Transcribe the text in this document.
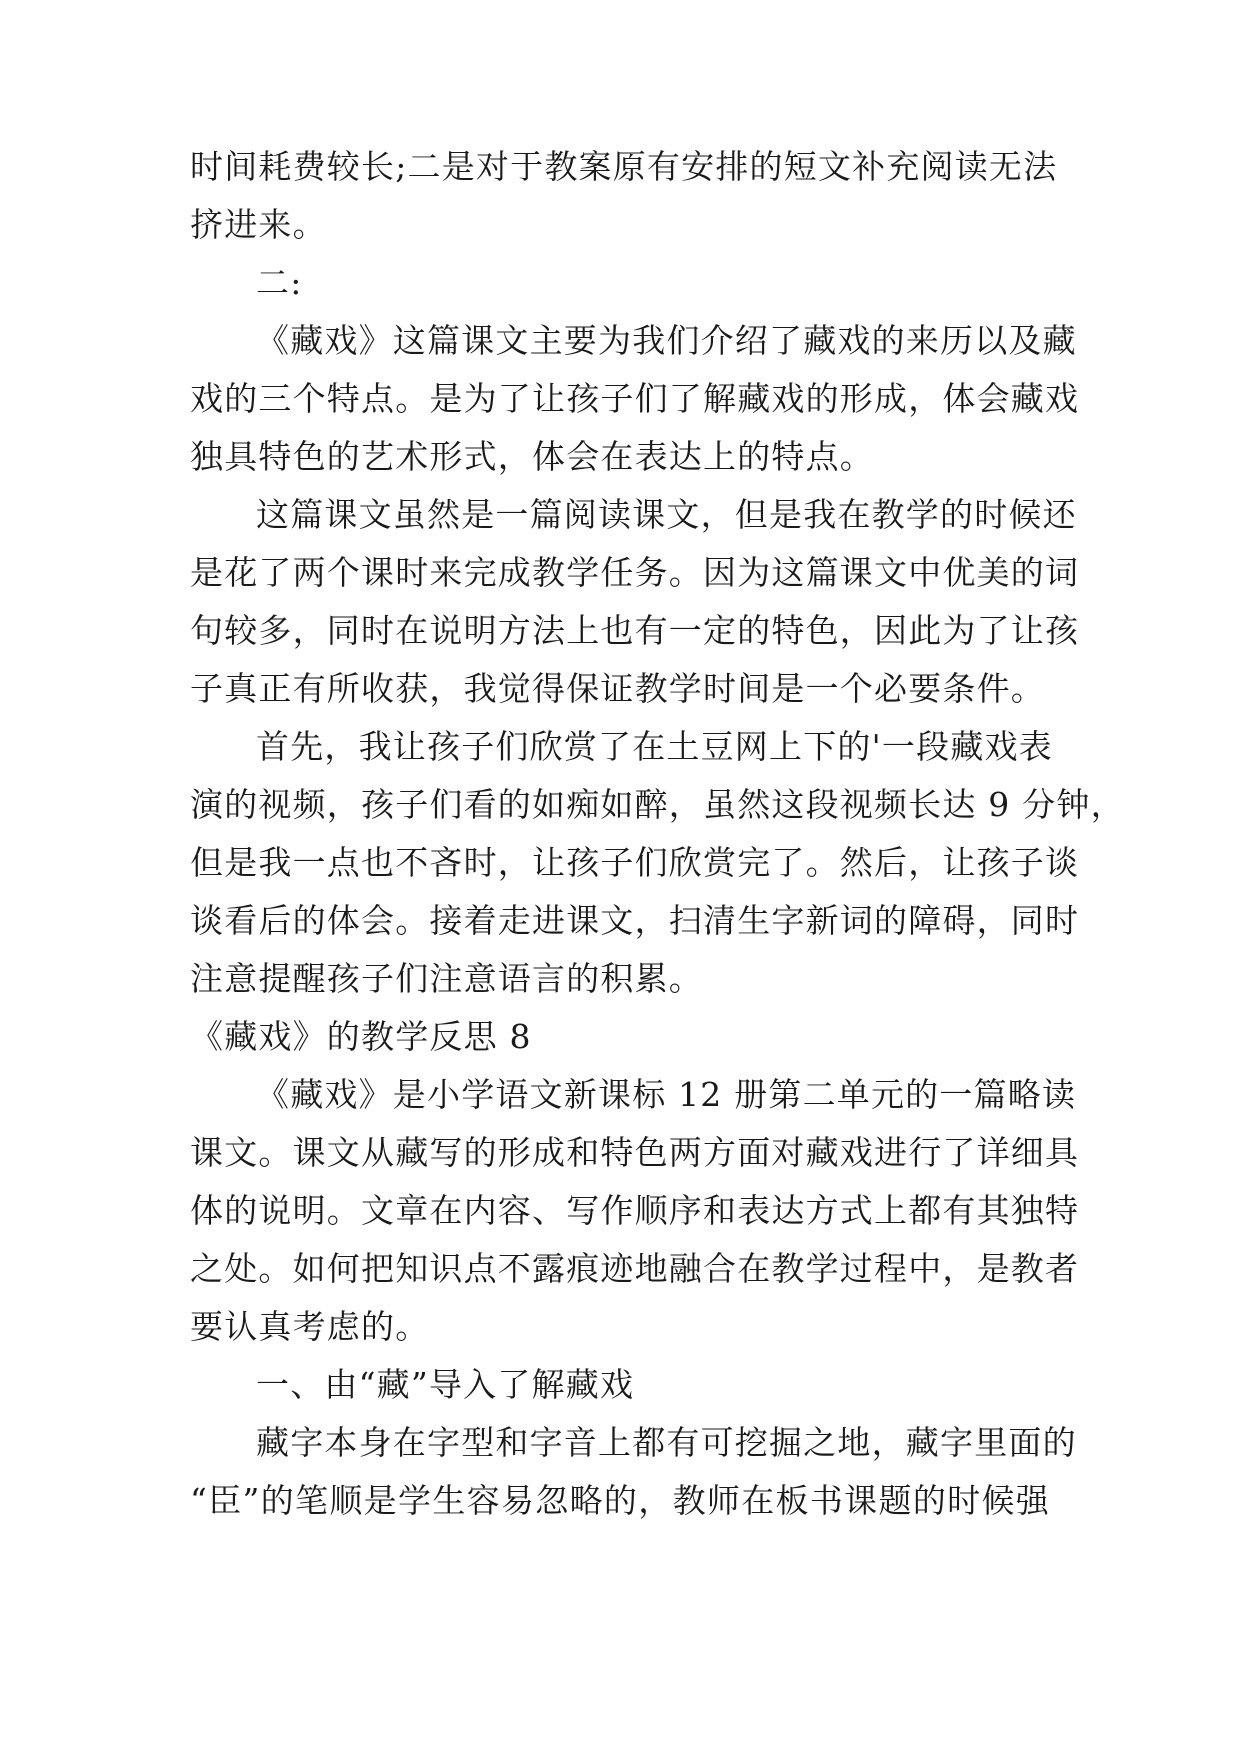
时间耗费较长;二是对于教案原有安排的短文补充阅读无法
挤进来。
二:
《藏戏》这篇课文主要为我们介绍了藏戏的来历以及藏
戏的三个特点。是为了让孩子们了解藏戏的形成，体会藏戏
独具特色的艺术形式，体会在表达上的特点。
这篇课文虽然是一篇阅读课文，但是我在教学的时候还
是花了两个课时来完成教学任务。因为这篇课文中优美的词
句较多，同时在说明方法上也有一定的特色，因此为了让孩
子真正有所收获，我觉得保证教学时间是一个必要条件。
首先，我让孩子们欣赏了在土豆网上下的'一段藏戏表
演的视频，孩子们看的如痴如醉，虽然这段视频长达 9 分钟，
但是我一点也不吝时，让孩子们欣赏完了。然后，让孩子谈
谈看后的体会。接着走进课文，扫清生字新词的障碍，同时
注意提醒孩子们注意语言的积累。
《藏戏》的教学反思 8
《藏戏》是小学语文新课标 12 册第二单元的一篇略读
课文。课文从藏写的形成和特色两方面对藏戏进行了详细具
体的说明。文章在内容、写作顺序和表达方式上都有其独特
之处。如何把知识点不露痕迹地融合在教学过程中，是教者
要认真考虑的。
一、由“藏”导入了解藏戏
藏字本身在字型和字音上都有可挖掘之地，藏字里面的
“臣”的笔顺是学生容易忽略的，教师在板书课题的时候强
